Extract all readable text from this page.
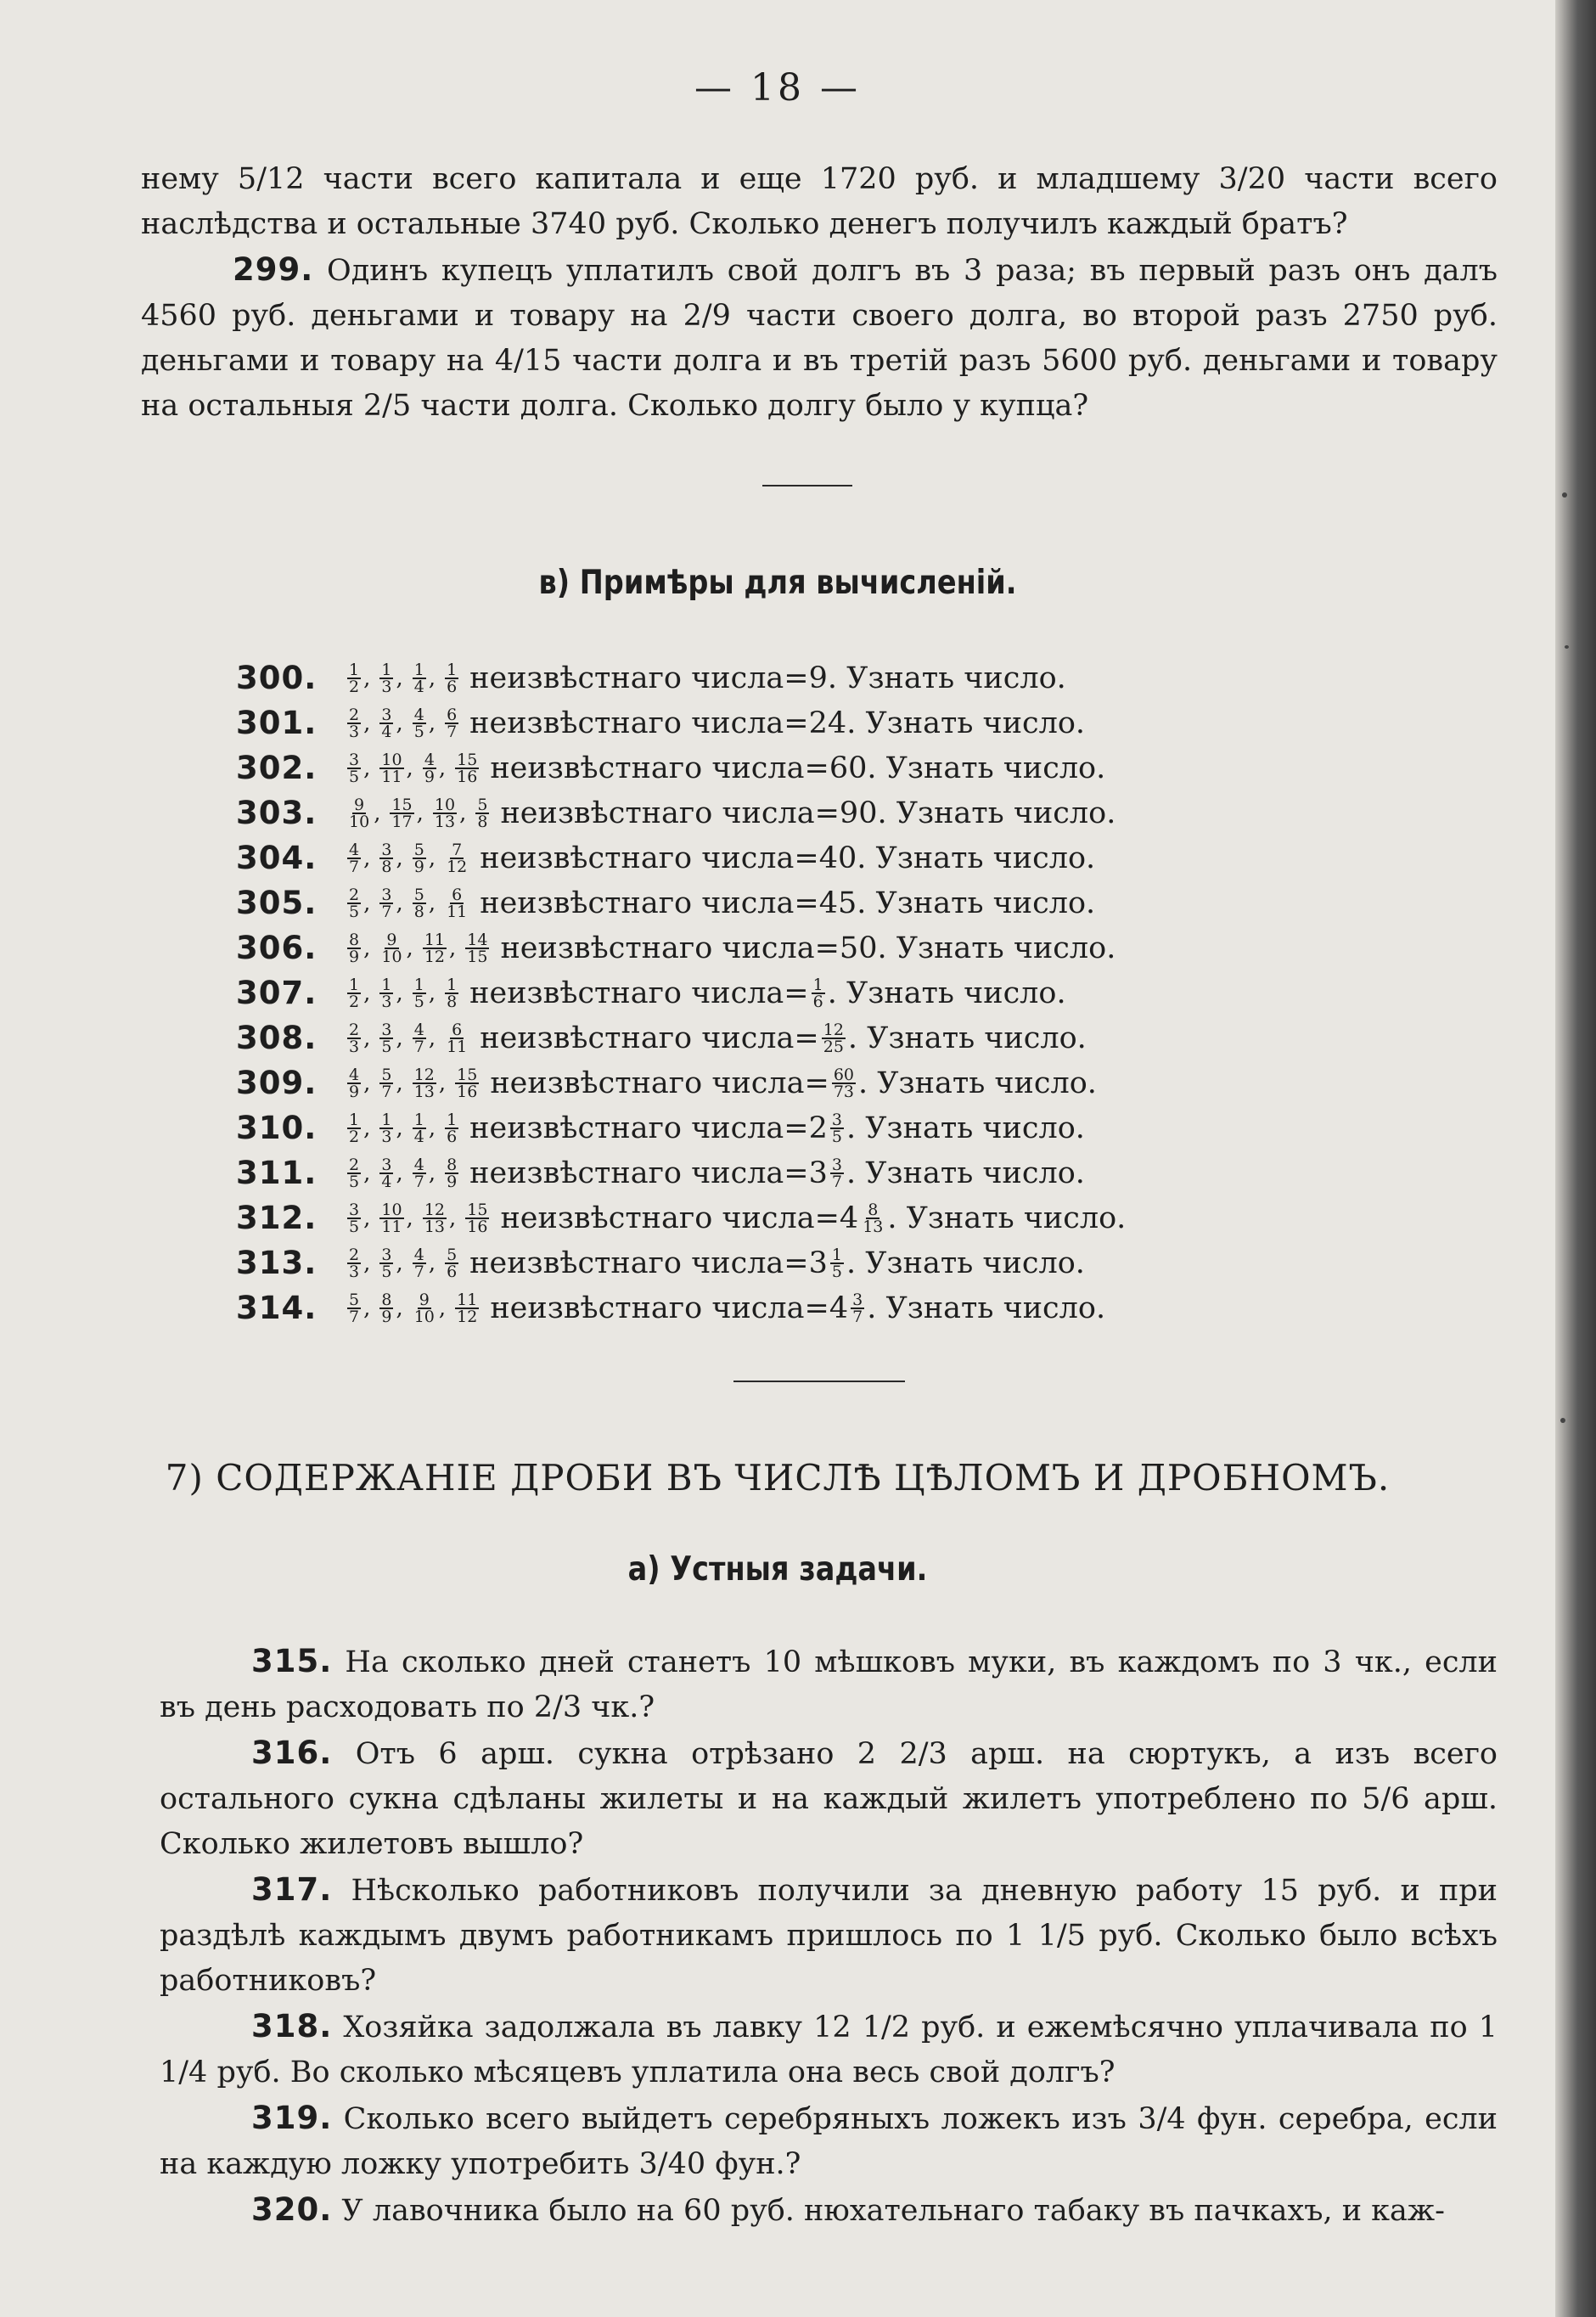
— 18 —

нему 5/12 части всего капитала и еще 1720 руб. и младшему 3/20 части всего наслѣдства и остальные 3740 руб. Сколько денегъ получилъ каждый братъ?

299. Одинъ купецъ уплатилъ свой долгъ въ 3 раза; въ первый разъ онъ далъ 4560 руб. деньгами и товару на 2/9 части своего долга, во второй разъ 2750 руб. деньгами и товару на 4/15 части долга и въ третій разъ 5600 руб. деньгами и товару на остальныя 2/5 части долга. Сколько долгу было у купца?

в) Примѣры для вычисленій.
300.	$\frac{1}{2}$ , $\frac{1}{3}$ , $\frac{1}{4}$ , $\frac{1}{6}$ неизвѣстнаго числа= 9 . Узнать число.
301.	$\frac{2}{3}$ , $\frac{3}{4}$ , $\frac{4}{5}$ , $\frac{6}{7}$ неизвѣстнаго числа= 24 . Узнать число.
302.	$\frac{3}{5}$ , $\frac{10}{11}$ , $\frac{4}{9}$ , $\frac{15}{16}$ неизвѣстнаго числа= 60 . Узнать число.
303.	$\frac{9}{10}$ , $\frac{15}{17}$ , $\frac{10}{13}$ , $\frac{5}{8}$ неизвѣстнаго числа= 90 . Узнать число.
304.	$\frac{4}{7}$ , $\frac{3}{8}$ , $\frac{5}{9}$ , $\frac{7}{12}$ неизвѣстнаго числа= 40 . Узнать число.
305.	$\frac{2}{5}$ , $\frac{3}{7}$ , $\frac{5}{8}$ , $\frac{6}{11}$ неизвѣстнаго числа= 45 . Узнать число.
306.	$\frac{8}{9}$ , $\frac{9}{10}$ , $\frac{11}{12}$ , $\frac{14}{15}$ неизвѣстнаго числа= 50 . Узнать число.
307.	$\frac{1}{2}$ , $\frac{1}{3}$ , $\frac{1}{5}$ , $\frac{1}{8}$ неизвѣстнаго числа= $\frac{1}{6}$ . Узнать число.
308.	$\frac{2}{3}$ , $\frac{3}{5}$ , $\frac{4}{7}$ , $\frac{6}{11}$ неизвѣстнаго числа= $\frac{12}{25}$ . Узнать число.
309.	$\frac{4}{9}$ , $\frac{5}{7}$ , $\frac{12}{13}$ , $\frac{15}{16}$ неизвѣстнаго числа= $\frac{60}{73}$ . Узнать число.
310.	$\frac{1}{2}$ , $\frac{1}{3}$ , $\frac{1}{4}$ , $\frac{1}{6}$ неизвѣстнаго числа= $2 \frac{3}{5}$ . Узнать число.
311.	$\frac{2}{5}$ , $\frac{3}{4}$ , $\frac{4}{7}$ , $\frac{8}{9}$ неизвѣстнаго числа= $3 \frac{3}{7}$ . Узнать число.
312.	$\frac{3}{5}$ , $\frac{10}{11}$ , $\frac{12}{13}$ , $\frac{15}{16}$ неизвѣстнаго числа= $4 \frac{8}{13}$ . Узнать число.
313.	$\frac{2}{3}$ , $\frac{3}{5}$ , $\frac{4}{7}$ , $\frac{5}{6}$ неизвѣстнаго числа= $3 \frac{1}{5}$ . Узнать число.
314.	$\frac{5}{7}$ , $\frac{8}{9}$ , $\frac{9}{10}$ , $\frac{11}{12}$ неизвѣстнаго числа= $4 \frac{3}{7}$ . Узнать число.
7) СОДЕРЖАНІЕ ДРОБИ ВЪ ЧИСЛѢ ЦѢЛОМЪ И ДРОБНОМЪ.
а) Устныя задачи.

315. На сколько дней станетъ 10 мѣшковъ муки, въ каждомъ по 3 чк., если въ день расходовать по 2/3 чк.?

316. Отъ 6 арш. сукна отрѣзано 2 2/3 арш. на сюртукъ, а изъ всего остального сукна сдѣланы жилеты и на каждый жилетъ употреблено по 5/6 арш. Сколько жилетовъ вышло?

317. Нѣсколько работниковъ получили за дневную работу 15 руб. и при раздѣлѣ каждымъ двумъ работникамъ пришлось по 1 1/5 руб. Сколько было всѣхъ работниковъ?

318. Хозяйка задолжала въ лавку 12 1/2 руб. и ежемѣсячно уплачивала по 1 1/4 руб. Во сколько мѣсяцевъ уплатила она весь свой долгъ?

319. Сколько всего выйдетъ серебряныхъ ложекъ изъ 3/4 фун. серебра, если на каждую ложку употребить 3/40 фун.?

320. У лавочника было на 60 руб. нюхательнаго табаку въ пачкахъ, и каж-
